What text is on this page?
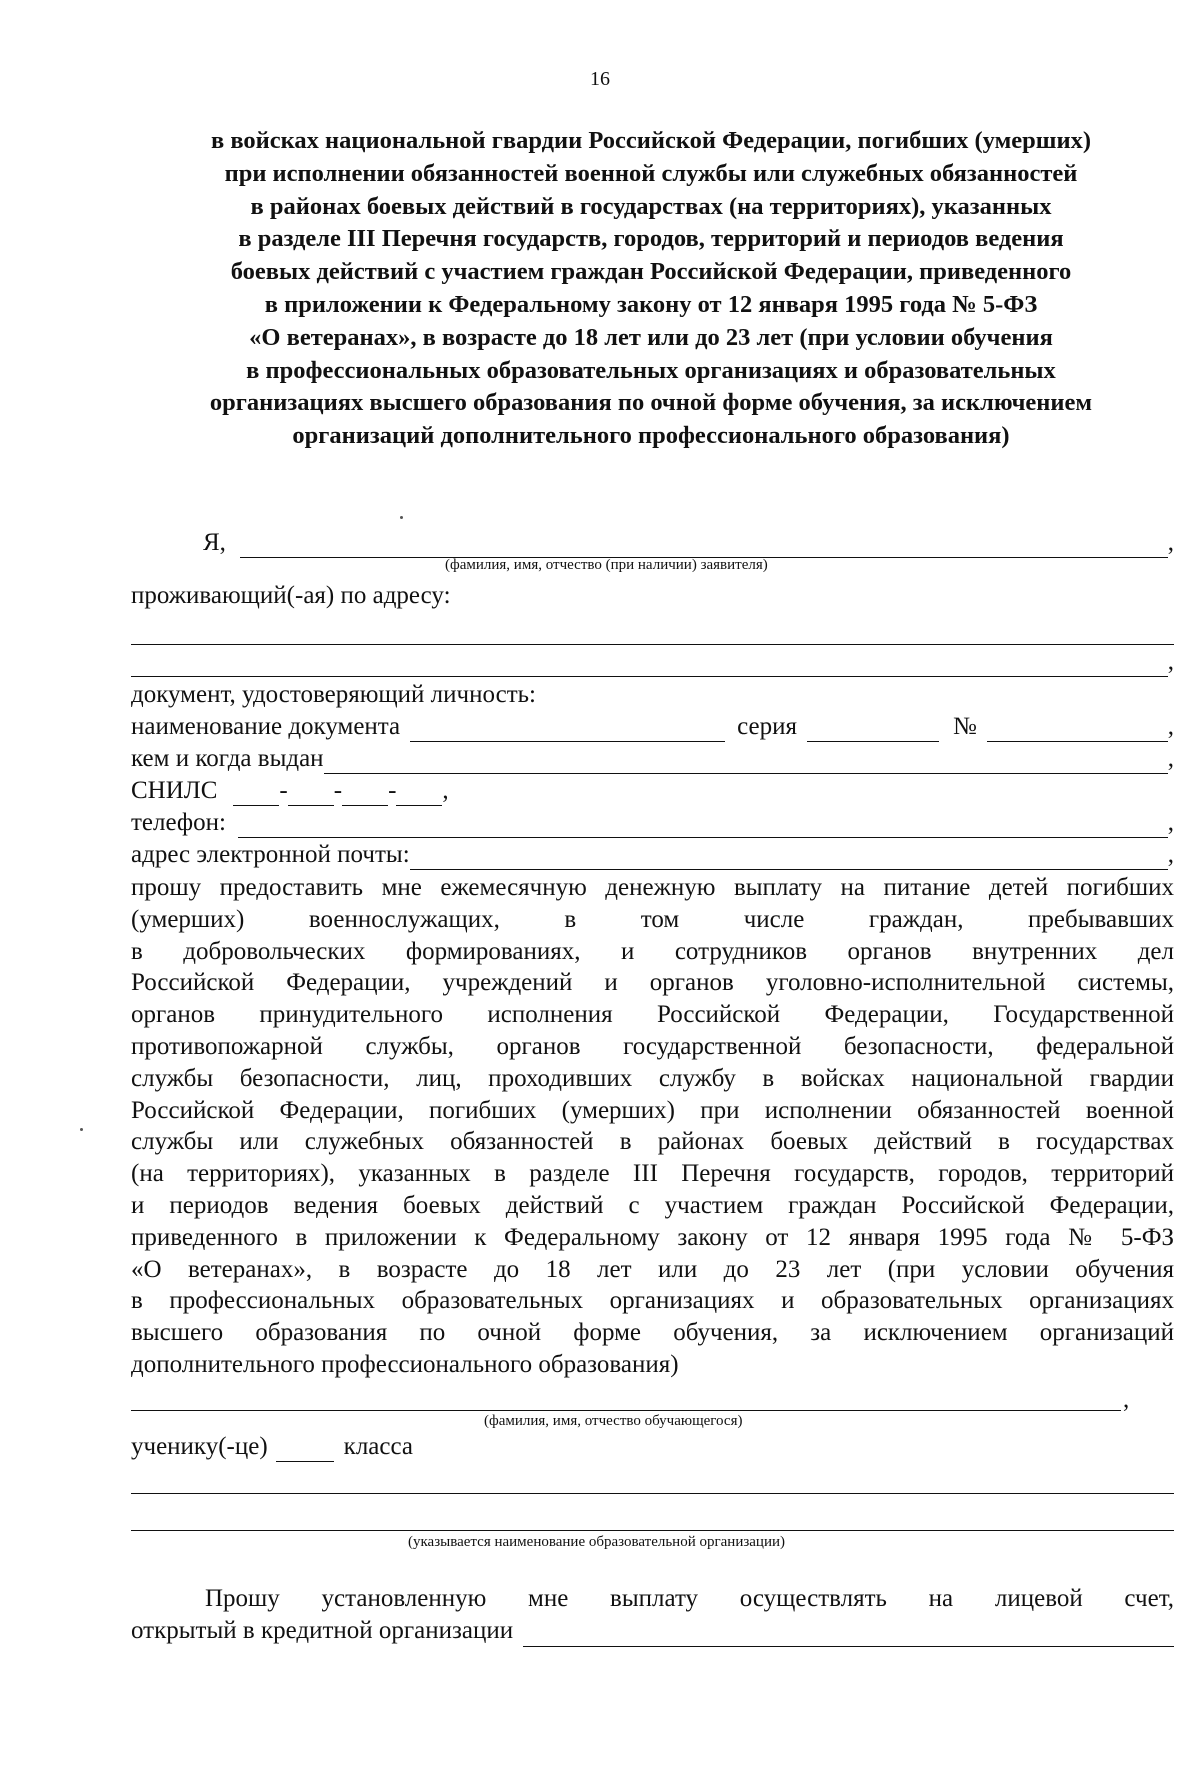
16
в войсках национальной гвардии Российской Федерации, погибших (умерших)
при исполнении обязанностей военной службы или служебных обязанностей
в районах боевых действий в государствах (на территориях), указанных
в разделе III Перечня государств, городов, территорий и периодов ведения
боевых действий с участием граждан Российской Федерации, приведенного
в приложении к Федеральному закону от 12 января 1995 года № 5-ФЗ
«О ветеранах», в возрасте до 18 лет или до 23 лет (при условии обучения
в профессиональных образовательных организациях и образовательных
организациях высшего образования по очной форме обучения, за исключением
организаций дополнительного профессионального образования)
Я,	,
(фамилия, имя, отчество (при наличии) заявителя)
проживающий(-ая) по адресу:
,
документ, удостоверяющий личность:
наименование документа	серия	№	,
кем и когда выдан	,
СНИЛС - - - ,
телефон:	,
адрес электронной почты:	,
прошу предоставить мне ежемесячную денежную выплату на питание детей погибших
(умерших) военнослужащих, в том числе граждан, пребывавших
в добровольческих формированиях, и сотрудников органов внутренних дел
Российской Федерации, учреждений и органов уголовно-исполнительной системы,
органов принудительного исполнения Российской Федерации, Государственной
противопожарной службы, органов государственной безопасности, федеральной
службы безопасности, лиц, проходивших службу в войсках национальной гвардии
Российской Федерации, погибших (умерших) при исполнении обязанностей военной
службы или служебных обязанностей в районах боевых действий в государствах
(на территориях), указанных в разделе III Перечня государств, городов, территорий
и периодов ведения боевых действий с участием граждан Российской Федерации,
приведенного в приложении к Федеральному закону от 12 января 1995 года № 5-ФЗ
«О ветеранах», в возрасте до 18 лет или до 23 лет (при условии обучения
в профессиональных образовательных организациях и образовательных организациях
высшего образования по очной форме обучения, за исключением организаций
дополнительного профессионального образования)
,
(фамилия, имя, отчество обучающегося)
ученику(-це)	класса
(указывается наименование образовательной организации)
Прошу установленную мне выплату осуществлять на лицевой счет,
открытый в кредитной организации
